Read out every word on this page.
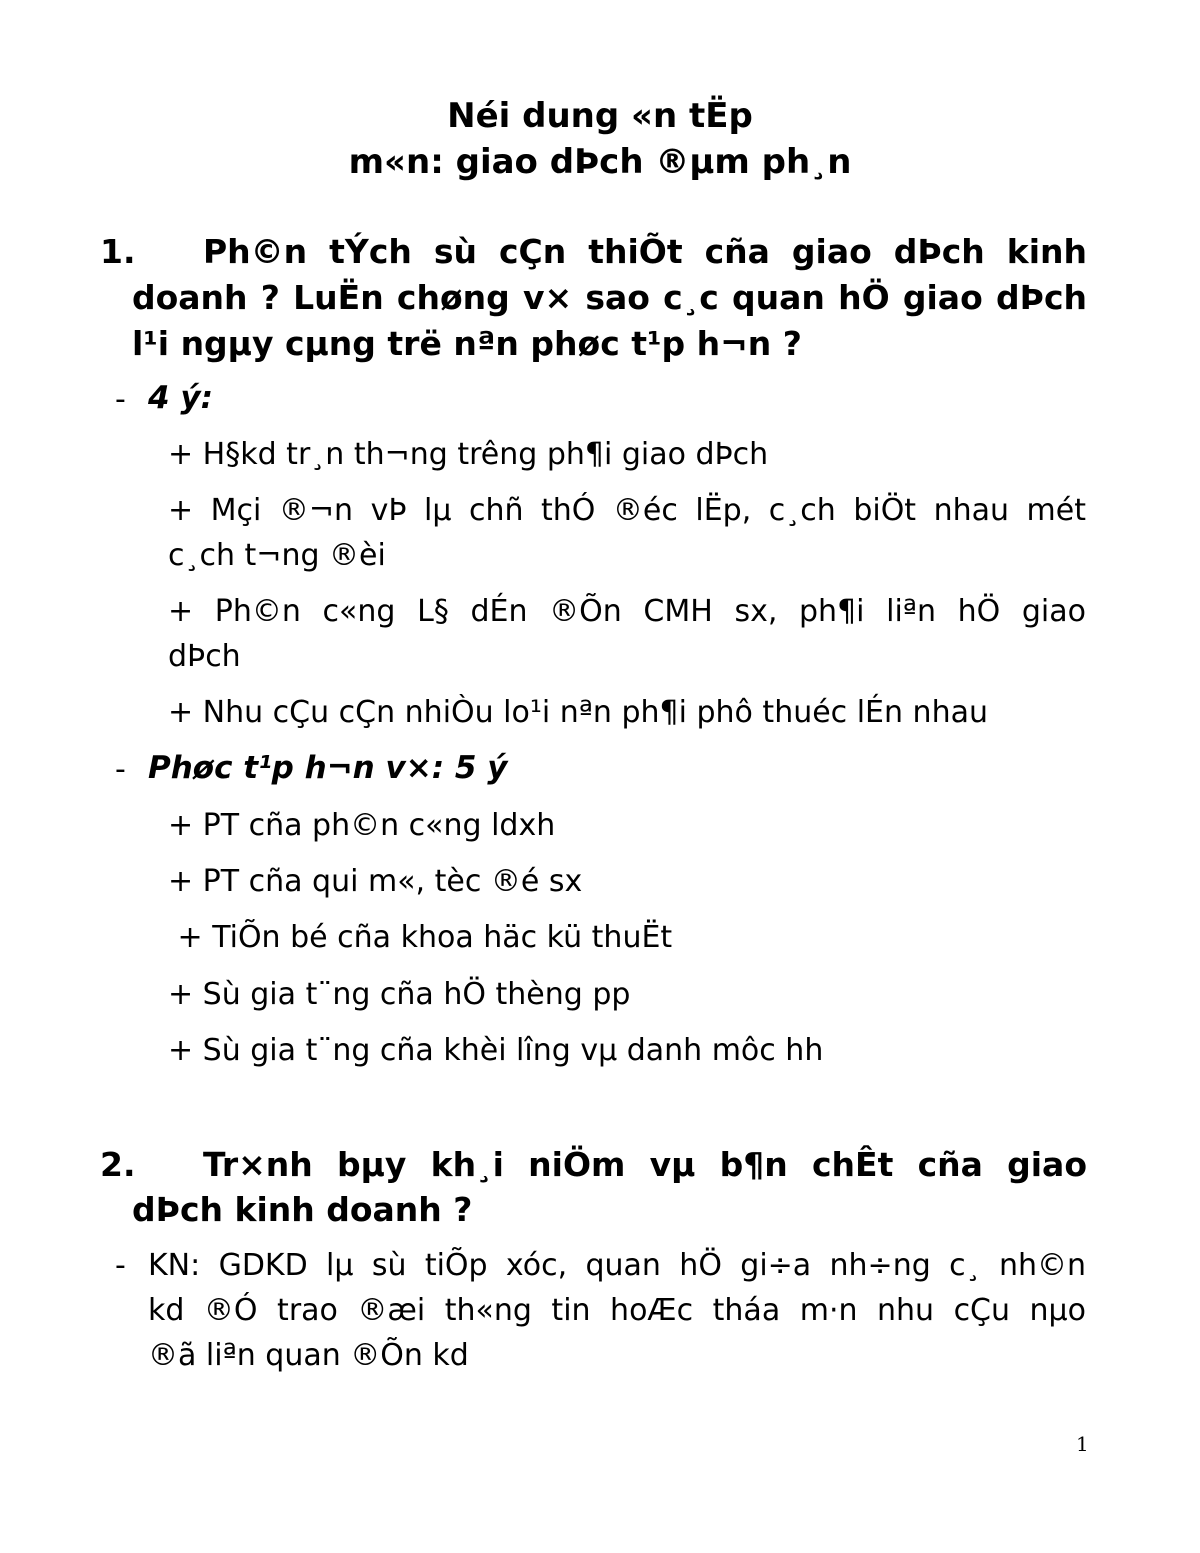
Néi dung «n tËp
m«n: giao dÞch ®µm ph¸n
1. Ph©n tÝch sù cÇn thiÕt cña giao dÞch kinh
doanh ? LuËn chøng v× sao c¸c quan hÖ giao dÞch
l¹i ngµy cµng trë nªn phøc t¹p h¬n ?
- 4 ý:
+ H§kd tr¸n th¬ng trêng ph¶i giao dÞch
+ Mçi ®¬n vÞ lµ chñ thÓ ®éc lËp, c¸ch biÖt nhau mét
c¸ch t¬ng ®èi
+ Ph©n c«ng L§ dÉn ®Õn CMH sx, ph¶i liªn hÖ giao
dÞch
+ Nhu cÇu cÇn nhiÒu lo¹i nªn ph¶i phô thuéc lÉn nhau
- Phøc t¹p h¬n v×: 5 ý
+ PT cña ph©n c«ng ldxh
+ PT cña qui m«, tèc ®é sx
+ TiÕn bé cña khoa häc kü thuËt
+ Sù gia t¨ng cña hÖ thèng pp
+ Sù gia t¨ng cña khèi lîng vµ danh môc hh
2. Tr×nh bµy kh¸i niÖm vµ b¶n chÊt cña giao
dÞch kinh doanh ?
- KN: GDKD lµ sù tiÕp xóc, quan hÖ gi÷a nh÷ng c¸ nh©n
kd ®Ó trao ®æi th«ng tin hoÆc tháa m·n nhu cÇu nµo
®ã liªn quan ®Õn kd
1
